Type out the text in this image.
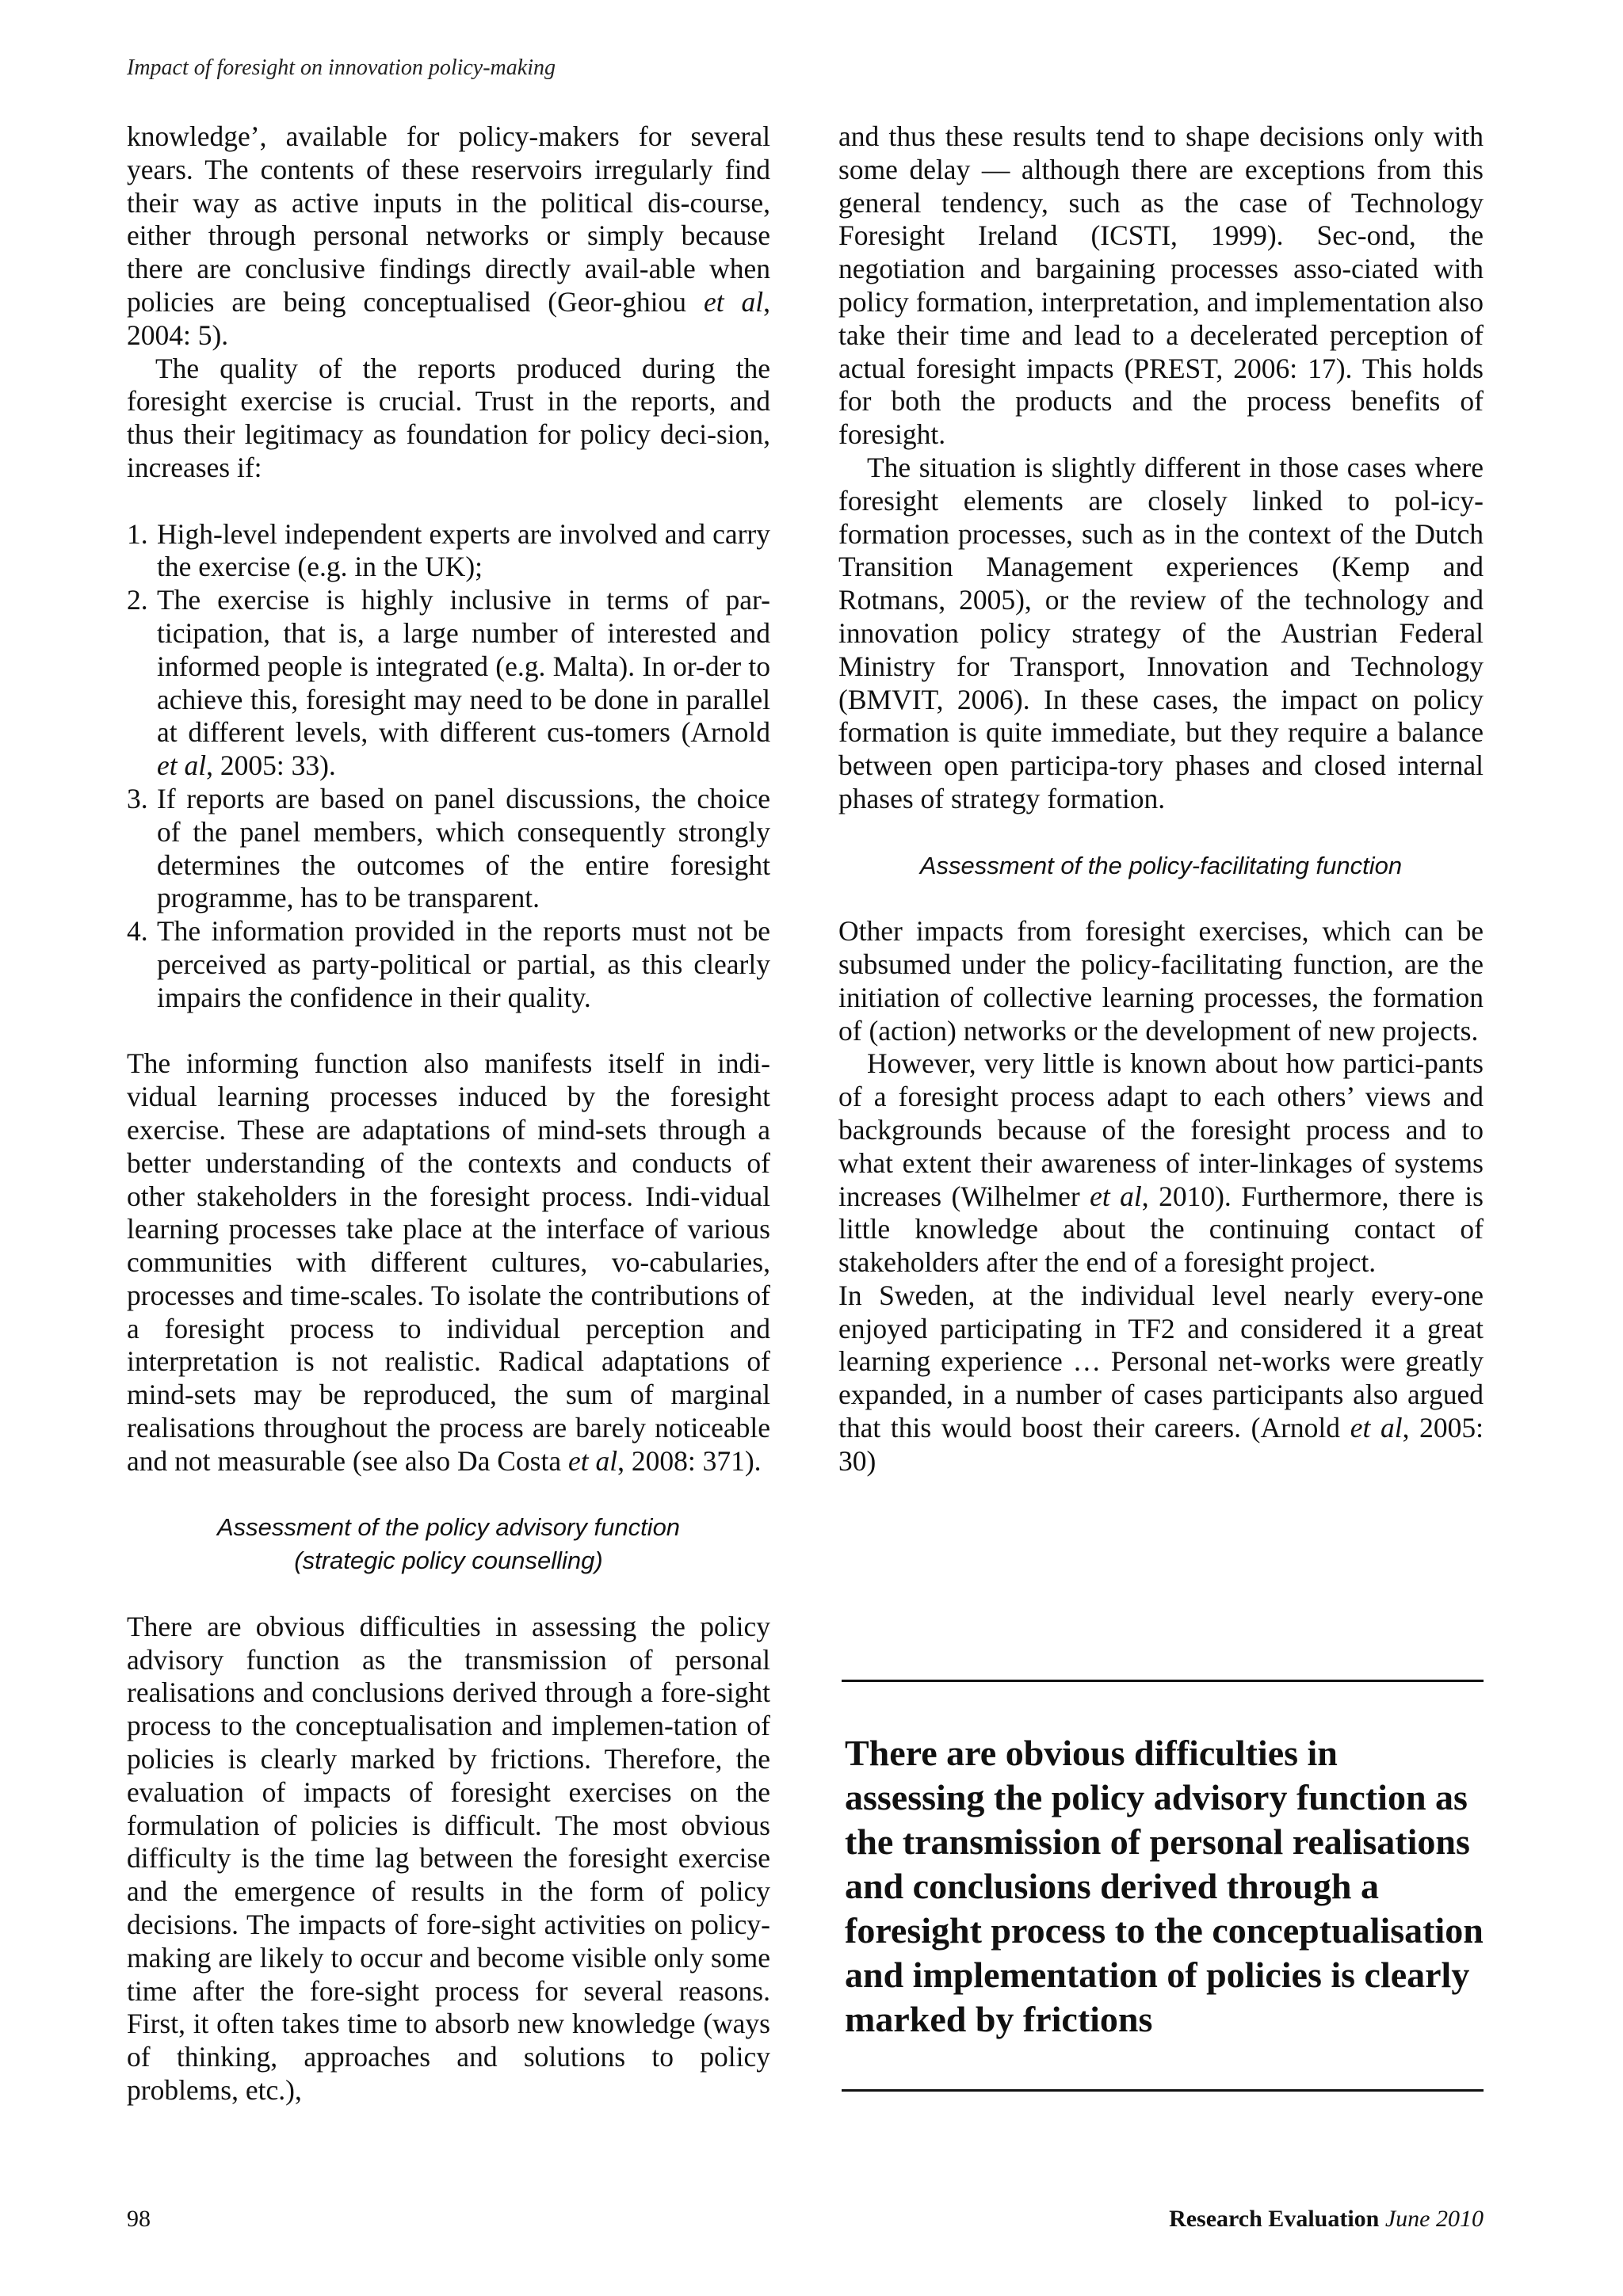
Impact of foresight on innovation policy-making

knowledge’, available for policy-makers for several years. The contents of these reservoirs irregularly find their way as active inputs in the political dis-course, either through personal networks or simply because there are conclusive findings directly avail-able when policies are being conceptualised (Geor-ghiou et al, 2004: 5).

The quality of the reports produced during the foresight exercise is crucial. Trust in the reports, and thus their legitimacy as foundation for policy deci-sion, increases if:

1. High-level independent experts are involved and carry the exercise (e.g. in the UK);
2. The exercise is highly inclusive in terms of par-ticipation, that is, a large number of interested and informed people is integrated (e.g. Malta). In or-der to achieve this, foresight may need to be done in parallel at different levels, with different cus-tomers (Arnold et al, 2005: 33).
3. If reports are based on panel discussions, the choice of the panel members, which consequently strongly determines the outcomes of the entire foresight programme, has to be transparent.
4. The information provided in the reports must not be perceived as party-political or partial, as this clearly impairs the confidence in their quality.

The informing function also manifests itself in indi-vidual learning processes induced by the foresight exercise. These are adaptations of mind-sets through a better understanding of the contexts and conducts of other stakeholders in the foresight process. Indi-vidual learning processes take place at the interface of various communities with different cultures, vo-cabularies, processes and time-scales. To isolate the contributions of a foresight process to individual perception and interpretation is not realistic. Radical adaptations of mind-sets may be reproduced, the sum of marginal realisations throughout the process are barely noticeable and not measurable (see also Da Costa et al, 2008: 371).

Assessment of the policy advisory function
(strategic policy counselling)

There are obvious difficulties in assessing the policy advisory function as the transmission of personal realisations and conclusions derived through a fore-sight process to the conceptualisation and implemen-tation of policies is clearly marked by frictions. Therefore, the evaluation of impacts of foresight exercises on the formulation of policies is difficult. The most obvious difficulty is the time lag between the foresight exercise and the emergence of results in the form of policy decisions. The impacts of fore-sight activities on policy-making are likely to occur and become visible only some time after the fore-sight process for several reasons. First, it often takes time to absorb new knowledge (ways of thinking, approaches and solutions to policy problems, etc.),

and thus these results tend to shape decisions only with some delay — although there are exceptions from this general tendency, such as the case of Technology Foresight Ireland (ICSTI, 1999). Sec-ond, the negotiation and bargaining processes asso-ciated with policy formation, interpretation, and implementation also take their time and lead to a decelerated perception of actual foresight impacts (PREST, 2006: 17). This holds for both the products and the process benefits of foresight.

The situation is slightly different in those cases where foresight elements are closely linked to pol-icy-formation processes, such as in the context of the Dutch Transition Management experiences (Kemp and Rotmans, 2005), or the review of the technology and innovation policy strategy of the Austrian Federal Ministry for Transport, Innovation and Technology (BMVIT, 2006). In these cases, the impact on policy formation is quite immediate, but they require a balance between open participa-tory phases and closed internal phases of strategy formation.

Assessment of the policy-facilitating function

Other impacts from foresight exercises, which can be subsumed under the policy-facilitating function, are the initiation of collective learning processes, the formation of (action) networks or the development of new projects.

However, very little is known about how partici-pants of a foresight process adapt to each others’ views and backgrounds because of the foresight process and to what extent their awareness of inter-linkages of systems increases (Wilhelmer et al, 2010). Furthermore, there is little knowledge about the continuing contact of stakeholders after the end of a foresight project.

In Sweden, at the individual level nearly every-one enjoyed participating in TF2 and considered it a great learning experience … Personal net-works were greatly expanded, in a number of cases participants also argued that this would boost their careers. (Arnold et al, 2005: 30)

There are obvious difficulties in assessing the policy advisory function as the transmission of personal realisations and conclusions derived through a foresight process to the conceptualisation and implementation of policies is clearly marked by frictions
98	Research Evaluation June 2010
